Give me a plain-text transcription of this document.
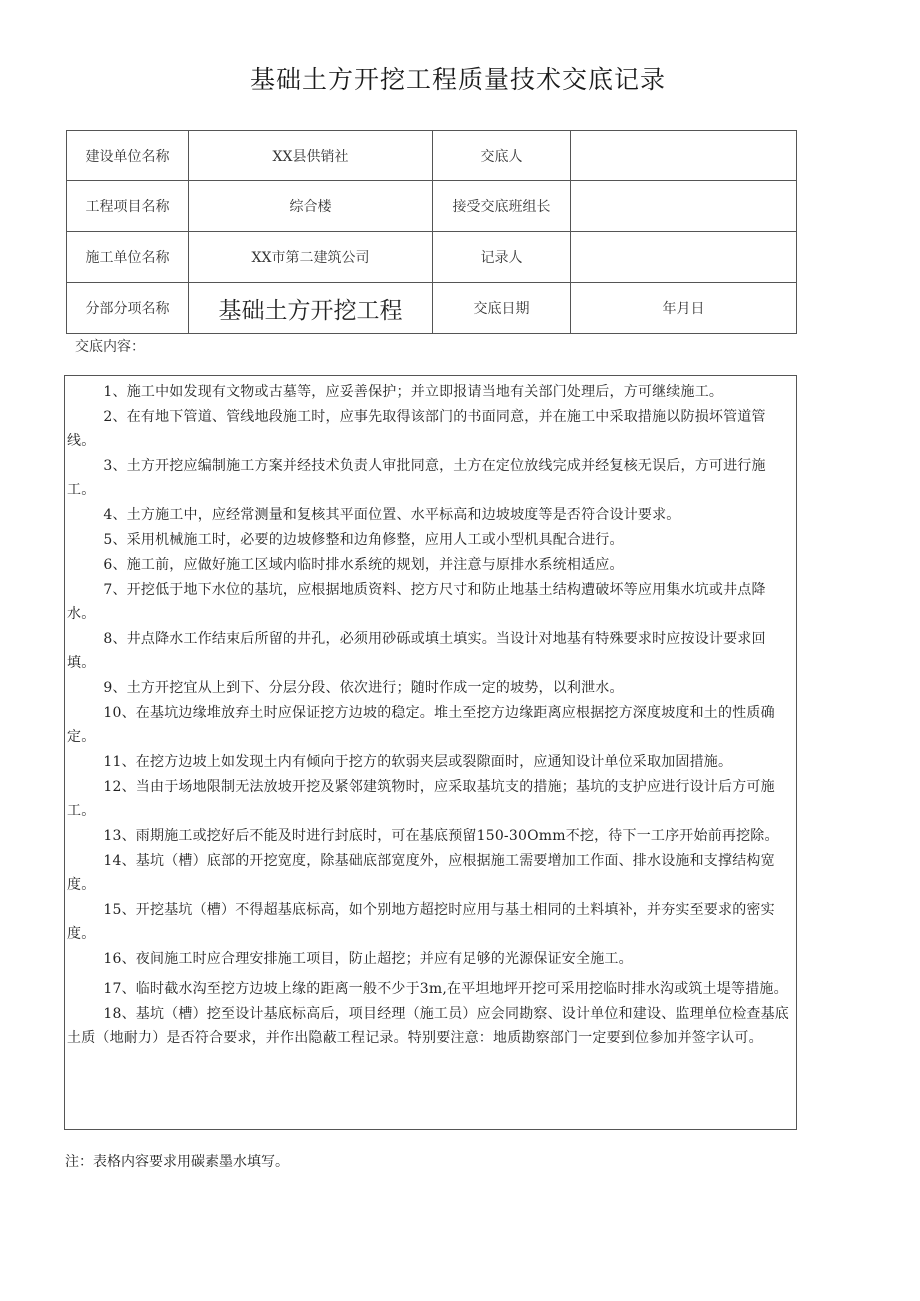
基础土方开挖工程质量技术交底记录
建设单位名称	XX县供销社	交底人	
工程项目名称	综合楼	接受交底班组长	
施工单位名称	XX市第二建筑公司	记录人	
分部分项名称	基础土方开挖工程	交底日期	年月日
交底内容：

1、施工中如发现有文物或古墓等，应妥善保护；并立即报请当地有关部门处理后，方可继续施工。

2、在有地下管道、管线地段施工时，应事先取得该部门的书面同意，并在施工中采取措施以防损坏管道管线。

3、土方开挖应编制施工方案并经技术负责人审批同意，土方在定位放线完成并经复核无误后，方可进行施工。

4、土方施工中，应经常测量和复核其平面位置、水平标高和边坡坡度等是否符合设计要求。

5、采用机械施工时，必要的边坡修整和边角修整，应用人工或小型机具配合进行。

6、施工前，应做好施工区域内临时排水系统的规划，并注意与原排水系统相适应。

7、开挖低于地下水位的基坑，应根据地质资料、挖方尺寸和防止地基土结构遭破坏等应用集水坑或井点降水。

8、井点降水工作结束后所留的井孔，必须用砂砾或填土填实。当设计对地基有特殊要求时应按设计要求回填。

9、土方开挖宜从上到下、分层分段、依次进行；随时作成一定的坡势，以利泄水。

10、在基坑边缘堆放弃土时应保证挖方边坡的稳定。堆土至挖方边缘距离应根据挖方深度坡度和土的性质确定。

11、在挖方边坡上如发现土内有倾向于挖方的软弱夹层或裂隙面时，应通知设计单位采取加固措施。

12、当由于场地限制无法放坡开挖及紧邻建筑物时，应采取基坑支的措施；基坑的支护应进行设计后方可施工。

13、雨期施工或挖好后不能及时进行封底时，可在基底预留150-30Omm不挖，待下一工序开始前再挖除。

14、基坑（槽）底部的开挖宽度，除基础底部宽度外，应根据施工需要增加工作面、排水设施和支撑结构宽度。

15、开挖基坑（槽）不得超基底标高，如个别地方超挖时应用与基土相同的土料填补，并夯实至要求的密实度。

16、夜间施工时应合理安排施工项目，防止超挖；并应有足够的光源保证安全施工。

17、临时截水沟至挖方边坡上缘的距离一般不少于3m,在平坦地坪开挖可采用挖临时排水沟或筑土堤等措施。

18、基坑（槽）挖至设计基底标高后，项目经理（施工员）应会同勘察、设计单位和建设、监理单位检查基底土质（地耐力）是否符合要求，并作出隐蔽工程记录。特别要注意：地质勘察部门一定要到位参加并签字认可。

注：表格内容要求用碳素墨水填写。
